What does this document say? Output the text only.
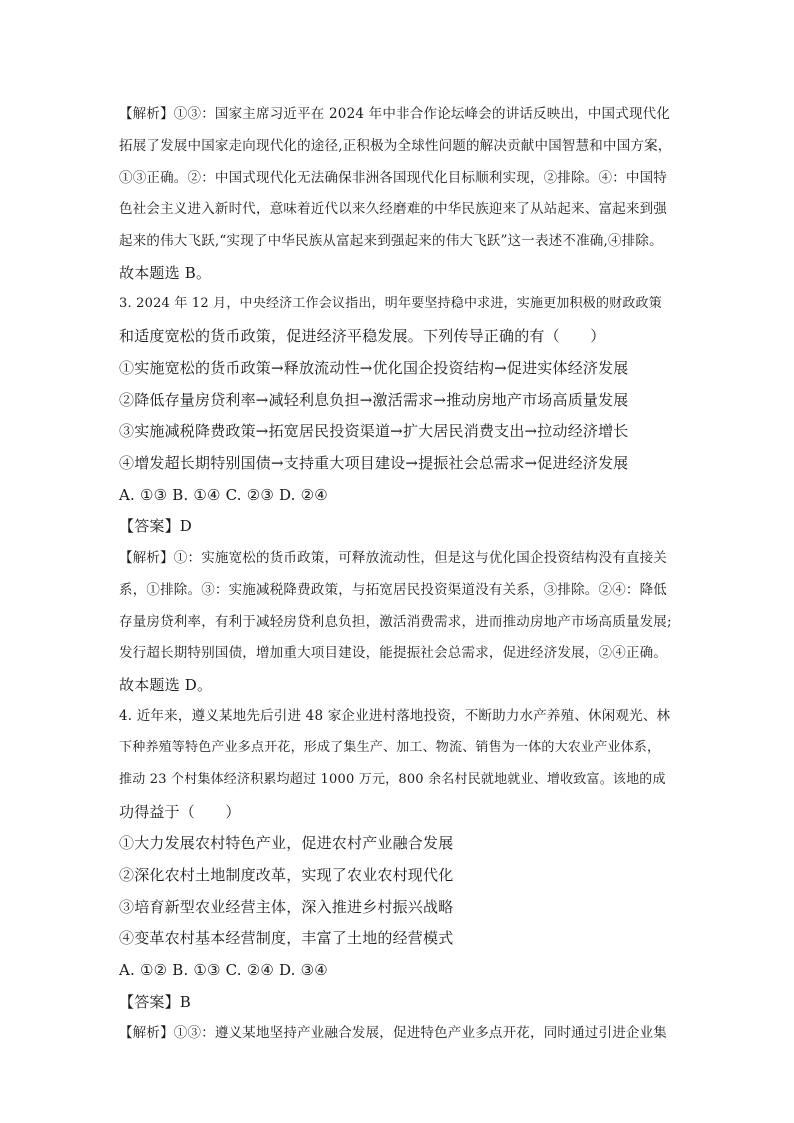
【解析】①③：国家主席习近平在 2024 年中非合作论坛峰会的讲话反映出，中国式现代化
拓展了发展中国家走向现代化的途径,正积极为全球性问题的解决贡献中国智慧和中国方案，
①③正确。②：中国式现代化无法确保非洲各国现代化目标顺利实现，②排除。④：中国特
色社会主义进入新时代，意味着近代以来久经磨难的中华民族迎来了从站起来、富起来到强
起来的伟大飞跃,“实现了中华民族从富起来到强起来的伟大飞跃”这一表述不准确,④排除。
故本题选 B。
3. 2024 年 12 月，中央经济工作会议指出，明年要坚持稳中求进，实施更加积极的财政政策
和适度宽松的货币政策，促进经济平稳发展。下列传导正确的有（　　）
①实施宽松的货币政策→释放流动性→优化国企投资结构→促进实体经济发展
②降低存量房贷利率→减轻利息负担→激活需求→推动房地产市场高质量发展
③实施减税降费政策→拓宽居民投资渠道→扩大居民消费支出→拉动经济增长
④增发超长期特别国债→支持重大项目建设→提振社会总需求→促进经济发展
A. ①③ B. ①④ C. ②③ D. ②④
【答案】D
【解析】①：实施宽松的货币政策，可释放流动性，但是这与优化国企投资结构没有直接关
系，①排除。③：实施减税降费政策，与拓宽居民投资渠道没有关系，③排除。②④：降低
存量房贷利率，有利于减轻房贷利息负担，激活消费需求，进而推动房地产市场高质量发展;
发行超长期特别国债，增加重大项目建设，能提振社会总需求，促进经济发展，②④正确。
故本题选 D。
4. 近年来，遵义某地先后引进 48 家企业进村落地投资，不断助力水产养殖、休闲观光、林
下种养殖等特色产业多点开花，形成了集生产、加工、物流、销售为一体的大农业产业体系，
推动 23 个村集体经济积累均超过 1000 万元，800 余名村民就地就业、增收致富。该地的成
功得益于（　　）
①大力发展农村特色产业，促进农村产业融合发展
②深化农村土地制度改革，实现了农业农村现代化
③培育新型农业经营主体，深入推进乡村振兴战略
④变革农村基本经营制度，丰富了土地的经营模式
A. ①② B. ①③ C. ②④ D. ③④
【答案】B
【解析】①③：遵义某地坚持产业融合发展，促进特色产业多点开花，同时通过引进企业集
